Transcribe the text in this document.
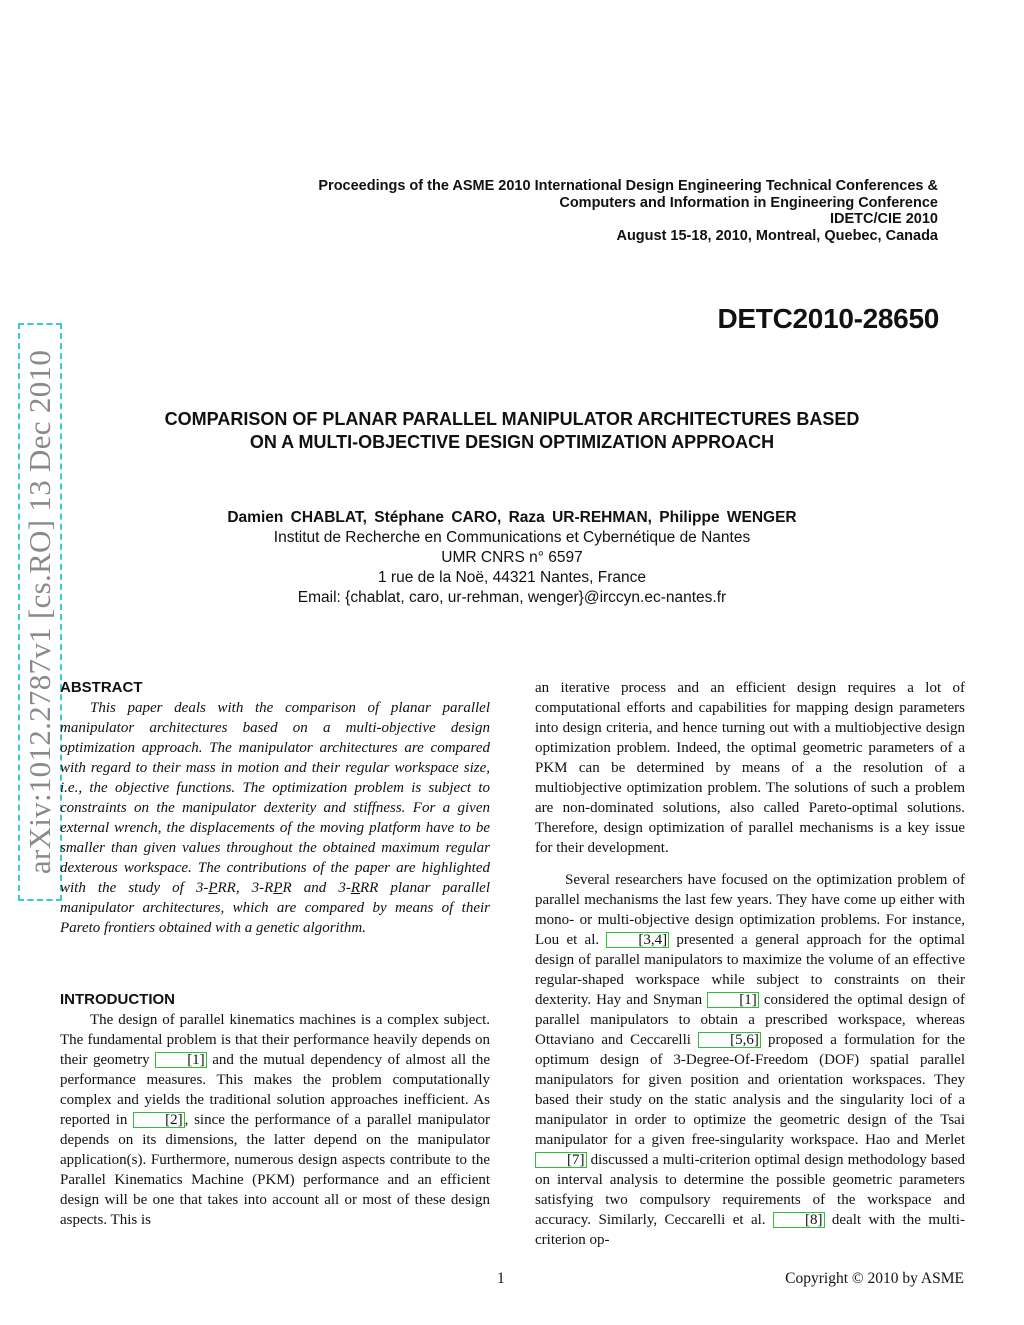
Proceedings of the ASME 2010 International Design Engineering Technical Conferences &
Computers and Information in Engineering Conference
IDETC/CIE 2010
August 15-18, 2010, Montreal, Quebec, Canada
DETC2010-28650
arXiv:1012.2787v1 [cs.RO] 13 Dec 2010	COMPARISON OF PLANAR PARALLEL MANIPULATOR ARCHITECTURES BASED
ON A MULTI-OBJECTIVE DESIGN OPTIMIZATION APPROACH
Damien CHABLAT, Stéphane CARO, Raza UR-REHMAN, Philippe WENGER
Institut de Recherche en Communications et Cybernétique de Nantes
UMR CNRS n° 6597
1 rue de la Noë, 44321 Nantes, France
Email: {chablat, caro, ur-rehman, wenger}@irccyn.ec-nantes.fr
ABSTRACT

This paper deals with the comparison of planar parallel manipulator architectures based on a multi-objective design optimization approach. The manipulator architectures are compared with regard to their mass in motion and their regular workspace size, i.e., the objective functions. The optimization problem is subject to constraints on the manipulator dexterity and stiffness. For a given external wrench, the displacements of the moving platform have to be smaller than given values throughout the obtained maximum regular dexterous workspace. The contributions of the paper are highlighted with the study of 3-PRR, 3-RPR and 3-RRR planar parallel manipulator architectures, which are compared by means of their Pareto frontiers obtained with a genetic algorithm.

INTRODUCTION

The design of parallel kinematics machines is a complex subject. The fundamental problem is that their performance heavily depends on their geometry [1] and the mutual dependency of almost all the performance measures. This makes the problem computationally complex and yields the traditional solution approaches inefficient. As reported in [2] , since the performance of a parallel manipulator depends on its dimensions, the latter depend on the manipulator application(s). Furthermore, numerous design aspects contribute to the Parallel Kinematics Machine (PKM) performance and an efficient design will be one that takes into account all or most of these design aspects. This is

an iterative process and an efficient design requires a lot of computational efforts and capabilities for mapping design parameters into design criteria, and hence turning out with a multiobjective design optimization problem. Indeed, the optimal geometric parameters of a PKM can be determined by means of a the resolution of a multiobjective optimization problem. The solutions of such a problem are non-dominated solutions, also called Pareto-optimal solutions. Therefore, design optimization of parallel mechanisms is a key issue for their development.

Several researchers have focused on the optimization problem of parallel mechanisms the last few years. They have come up either with mono- or multi-objective design optimization problems. For instance, Lou et al. [3,4] presented a general approach for the optimal design of parallel manipulators to maximize the volume of an effective regular-shaped workspace while subject to constraints on their dexterity. Hay and Snyman [1] considered the optimal design of parallel manipulators to obtain a prescribed workspace, whereas Ottaviano and Ceccarelli [5,6] proposed a formulation for the optimum design of 3-Degree-Of-Freedom (DOF) spatial parallel manipulators for given position and orientation workspaces. They based their study on the static analysis and the singularity loci of a manipulator in order to optimize the geometric design of the Tsai manipulator for a given free-singularity workspace. Hao and Merlet [7] discussed a multi-criterion optimal design methodology based on interval analysis to determine the possible geometric parameters satisfying two compulsory requirements of the workspace and accuracy. Similarly, Ceccarelli et al. [8] dealt with the multi-criterion op-

1	Copyright © 2010 by ASME
